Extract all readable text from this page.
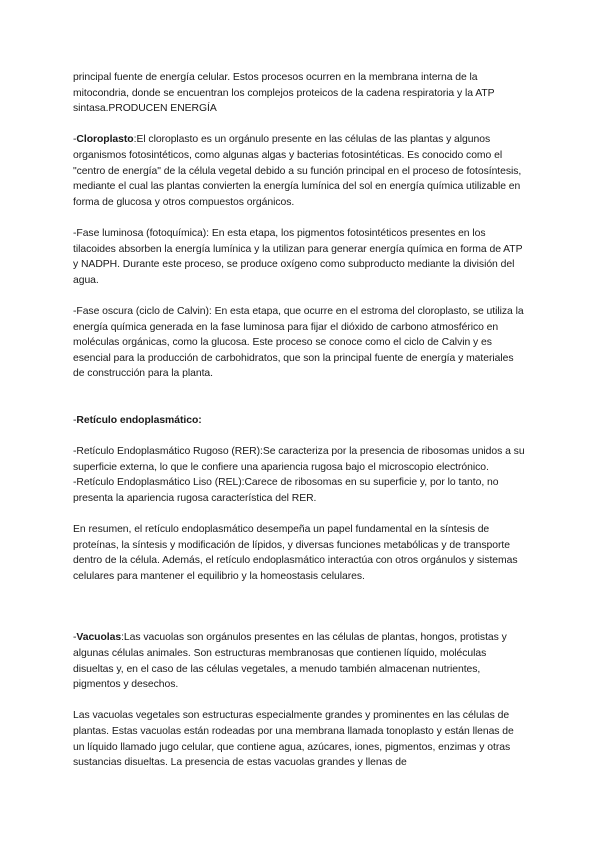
principal fuente de energía celular. Estos procesos ocurren en la membrana interna de la mitocondria, donde se encuentran los complejos proteicos de la cadena respiratoria y la ATP sintasa.PRODUCEN ENERGÍA

-Cloroplasto:El cloroplasto es un orgánulo presente en las células de las plantas y algunos organismos fotosintéticos, como algunas algas y bacterias fotosintéticas. Es conocido como el "centro de energía" de la célula vegetal debido a su función principal en el proceso de fotosíntesis, mediante el cual las plantas convierten la energía lumínica del sol en energía química utilizable en forma de glucosa y otros compuestos orgánicos.

-Fase luminosa (fotoquímica): En esta etapa, los pigmentos fotosintéticos presentes en los tilacoides absorben la energía lumínica y la utilizan para generar energía química en forma de ATP y NADPH. Durante este proceso, se produce oxígeno como subproducto mediante la división del agua.

-Fase oscura (ciclo de Calvin): En esta etapa, que ocurre en el estroma del cloroplasto, se utiliza la energía química generada en la fase luminosa para fijar el dióxido de carbono atmosférico en moléculas orgánicas, como la glucosa. Este proceso se conoce como el ciclo de Calvin y es esencial para la producción de carbohidratos, que son la principal fuente de energía y materiales de construcción para la planta.

-Retículo endoplasmático:

-Retículo Endoplasmático Rugoso (RER):Se caracteriza por la presencia de ribosomas unidos a su superficie externa, lo que le confiere una apariencia rugosa bajo el microscopio electrónico.

-Retículo Endoplasmático Liso (REL):Carece de ribosomas en su superficie y, por lo tanto, no presenta la apariencia rugosa característica del RER.

En resumen, el retículo endoplasmático desempeña un papel fundamental en la síntesis de proteínas, la síntesis y modificación de lípidos, y diversas funciones metabólicas y de transporte dentro de la célula. Además, el retículo endoplasmático interactúa con otros orgánulos y sistemas celulares para mantener el equilibrio y la homeostasis celulares.

-Vacuolas:Las vacuolas son orgánulos presentes en las células de plantas, hongos, protistas y algunas células animales. Son estructuras membranosas que contienen líquido, moléculas disueltas y, en el caso de las células vegetales, a menudo también almacenan nutrientes, pigmentos y desechos.

Las vacuolas vegetales son estructuras especialmente grandes y prominentes en las células de plantas. Estas vacuolas están rodeadas por una membrana llamada tonoplasto y están llenas de un líquido llamado jugo celular, que contiene agua, azúcares, iones, pigmentos, enzimas y otras sustancias disueltas. La presencia de estas vacuolas grandes y llenas de
